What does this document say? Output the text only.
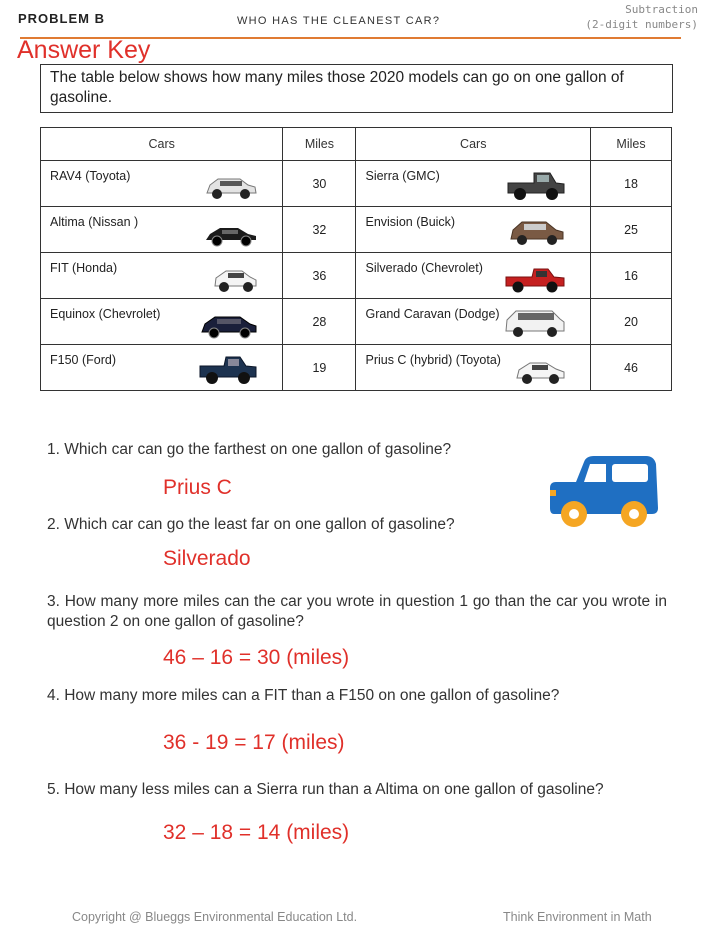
PROBLEM B	WHO HAS THE CLEANEST CAR?
Subtraction
(2-digit numbers)
Answer Key
The table below shows how many miles those 2020 models can go on one gallon of gasoline.
Cars	Miles	Cars	Miles

RAV4 (Toyota)	30	Sierra (GMC)	18

Altima (Nissan )	32	Envision (Buick)	25

FIT (Honda)	36	Silverado (Chevrolet)	16

Equinox (Chevrolet)	28	Grand Caravan (Dodge)	20

F150 (Ford)	19	Prius C (hybrid) (Toyota)	46
1. Which car can go the farthest on one gallon of gasoline?
Prius C
2. Which car can go the least far on one gallon of gasoline?
Silverado
3. How many more miles can the car you wrote in question 1 go than the car you wrote in question 2 on one gallon of gasoline?
46 – 16 = 30 (miles)
4. How many more miles can a FIT than a F150 on one gallon of gasoline?
36 - 19 = 17 (miles)
5. How many less miles can a Sierra run than a Altima on one gallon of gasoline?
32 – 18 = 14 (miles)
Copyright @ Blueggs Environmental Education Ltd.	Think Environment in Math
